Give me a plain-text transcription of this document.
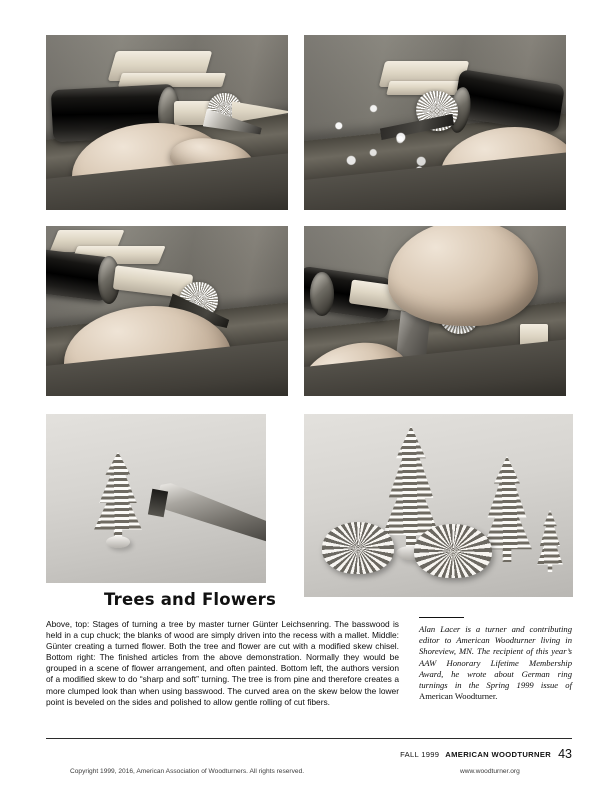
Trees and Flowers
Above, top: Stages of turning a tree by master turner Günter Leichsenring. The basswood is held in a cup chuck; the blanks of wood are simply driven into the recess with a mallet. Middle: Günter creating a turned flower. Both the tree and flower are cut with a modified skew chisel. Bottom right: The finished articles from the above demonstration. Normally they would be grouped in a scene of flower arrangement, and often painted. Bottom left, the authors version of a modified skew to do “sharp and soft” turning. The tree is from pine and therefore creates a more clumped look than when using basswood. The curved area on the skew below the lower point is beveled on the sides and polished to allow gentle rolling of cut fibers.
Alan Lacer is a turner and contributing editor to American Woodturner living in Shoreview, MN. The recipient of this year’s AAW Honorary Lifetime Membership Award, he wrote about German ring turnings in the Spring 1999 issue of American Woodturner.
FALL 1999 AMERICAN WOODTURNER 43
Copyright 1999, 2016, American Association of Woodturners. All rights reserved.	www.woodturner.org
